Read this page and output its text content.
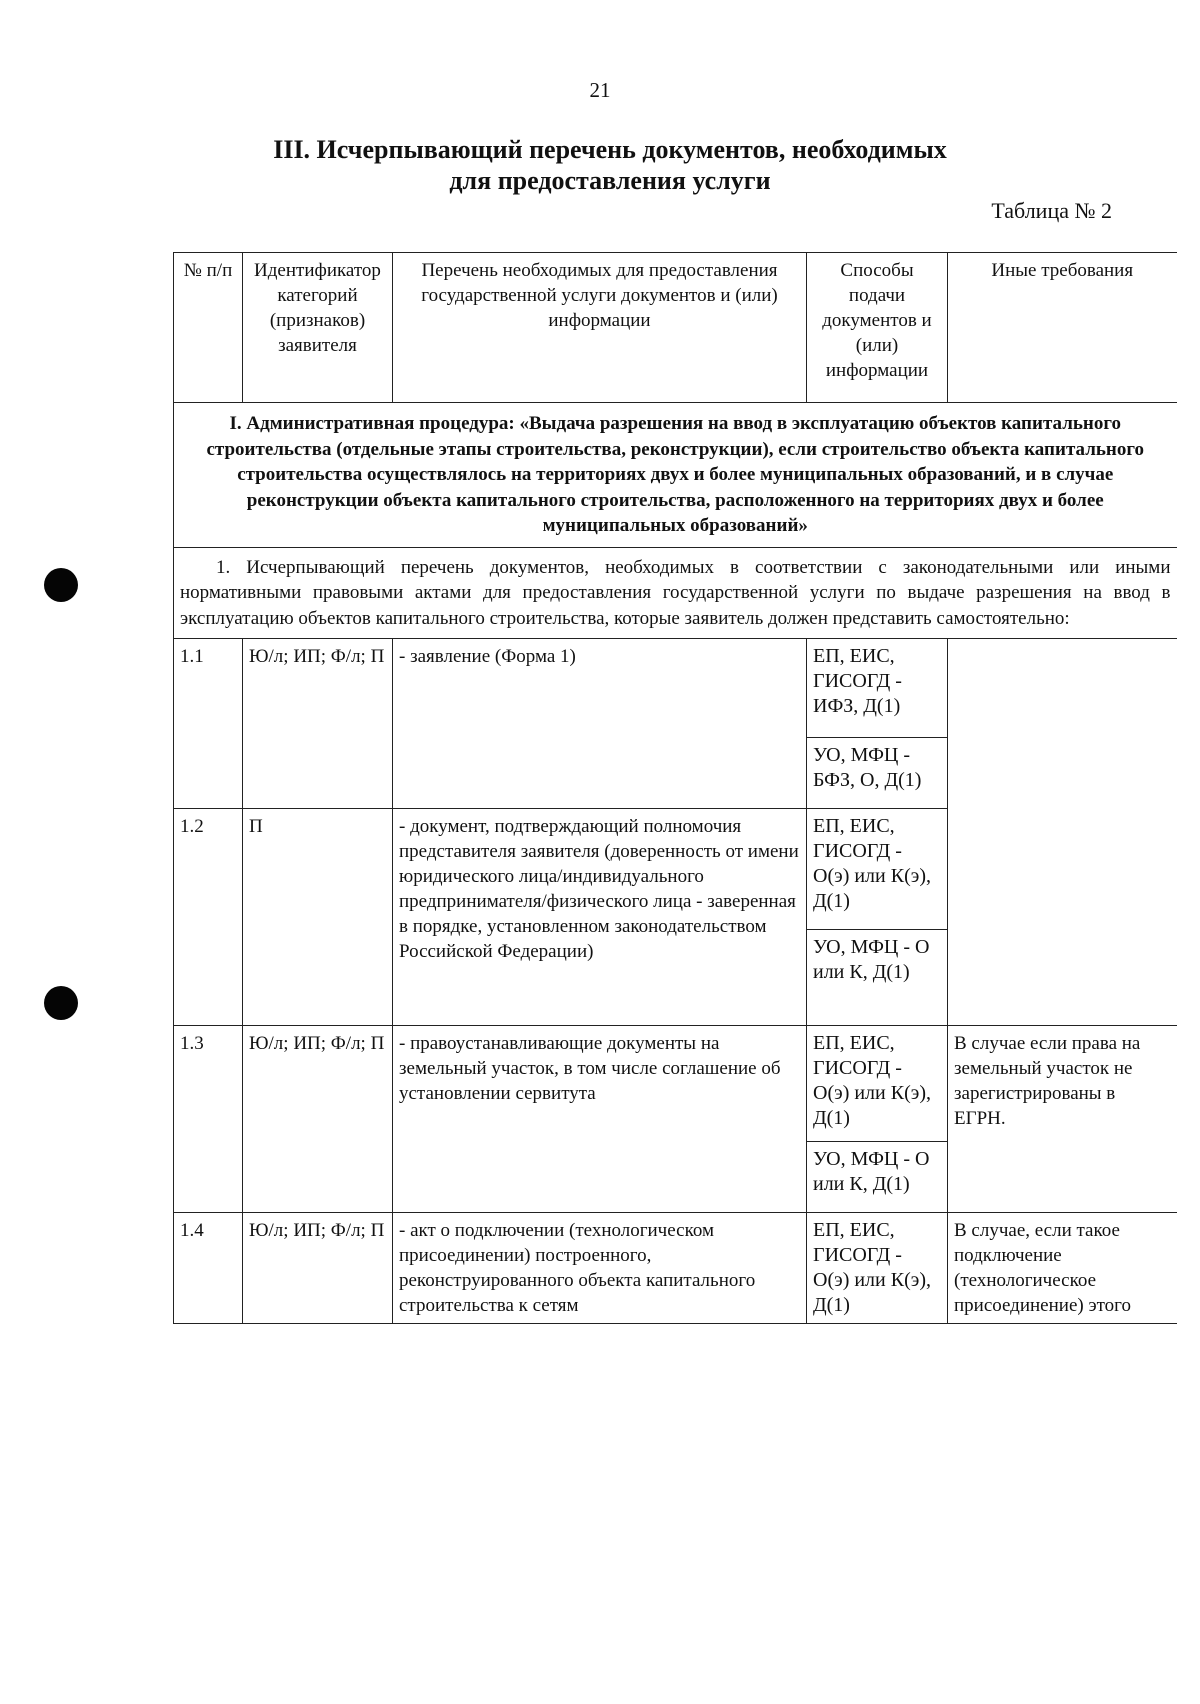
21
III. Исчерпывающий перечень документов, необходимых
для предоставления услуги
Таблица № 2
№ п/п	Идентификатор категорий (признаков) заявителя	Перечень необходимых для предоставления государственной услуги документов и (или) информации	Способы подачи документов и (или) информации	Иные требования
I. Административная процедура: «Выдача разрешения на ввод в эксплуатацию объектов капитального строительства (отдельные этапы строительства, реконструкции), если строительство объекта капитального строительства осуществлялось на территориях двух и более муниципальных образований, и в случае реконструкции объекта капитального строительства, расположенного на территориях двух и более муниципальных образований»				
1. Исчерпывающий перечень документов, необходимых в соответствии с законодательными или иными нормативными правовыми актами для предоставления государственной услуги по выдаче разрешения на ввод в эксплуатацию объектов капитального строительства, которые заявитель должен представить самостоятельно:				
1.1	Ю/л; ИП; Ф/л; П	- заявление (Форма 1)	ЕП, ЕИС, ГИСОГД - ИФЗ, Д(1)	
			УО, МФЦ - БФЗ, О, Д(1)	
1.2	П	- документ, подтверждающий полномочия представителя заявителя (доверенность от имени юридического лица/индивидуального предпринимателя/физического лица - заверенная в порядке, установленном законодательством Российской Федерации)	ЕП, ЕИС, ГИСОГД - О(э) или К(э), Д(1)	
			УО, МФЦ - О или К, Д(1)	
1.3	Ю/л; ИП; Ф/л; П	- правоустанавливающие документы на земельный участок, в том числе соглашение об установлении сервитута	ЕП, ЕИС, ГИСОГД - О(э) или К(э), Д(1)	В случае если права на земельный участок не зарегистрированы в ЕГРН.
			УО, МФЦ - О или К, Д(1)	
1.4	Ю/л; ИП; Ф/л; П	- акт о подключении (технологическом присоединении) построенного, реконструированного объекта капитального строительства к сетям	ЕП, ЕИС, ГИСОГД - О(э) или К(э), Д(1)	В случае, если такое подключение (технологическое присоединение) этого
